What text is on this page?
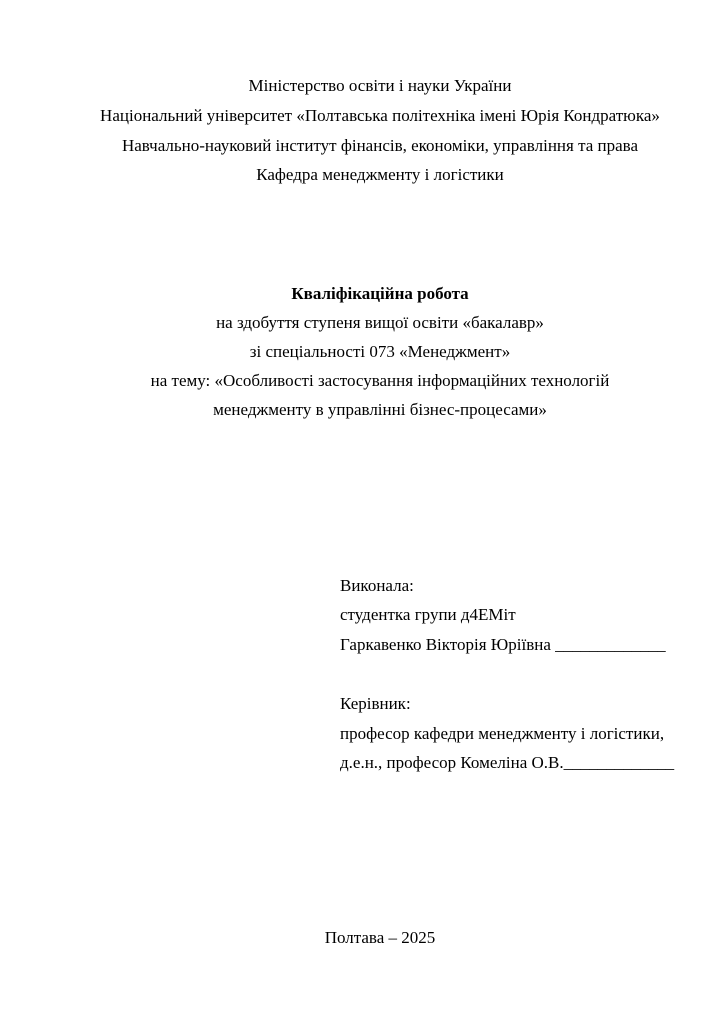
Міністерство освіти і науки України
Національний університет «Полтавська політехніка імені Юрія Кондратюка»
Навчально-науковий інститут фінансів, економіки, управління та права
Кафедра менеджменту і логістики
Кваліфікаційна робота
на здобуття ступеня вищої освіти «бакалавр»
зі спеціальності 073 «Менеджмент»
на тему: «Особливості застосування інформаційних технологій
менеджменту в управлінні бізнес-процесами»
Виконала:
студентка групи д4ЕМіт
Гаркавенко Вікторія Юріївна _____________
Керівник:
професор кафедри менеджменту і логістики,
д.е.н., професор Комеліна О.В._____________
Полтава – 2025
